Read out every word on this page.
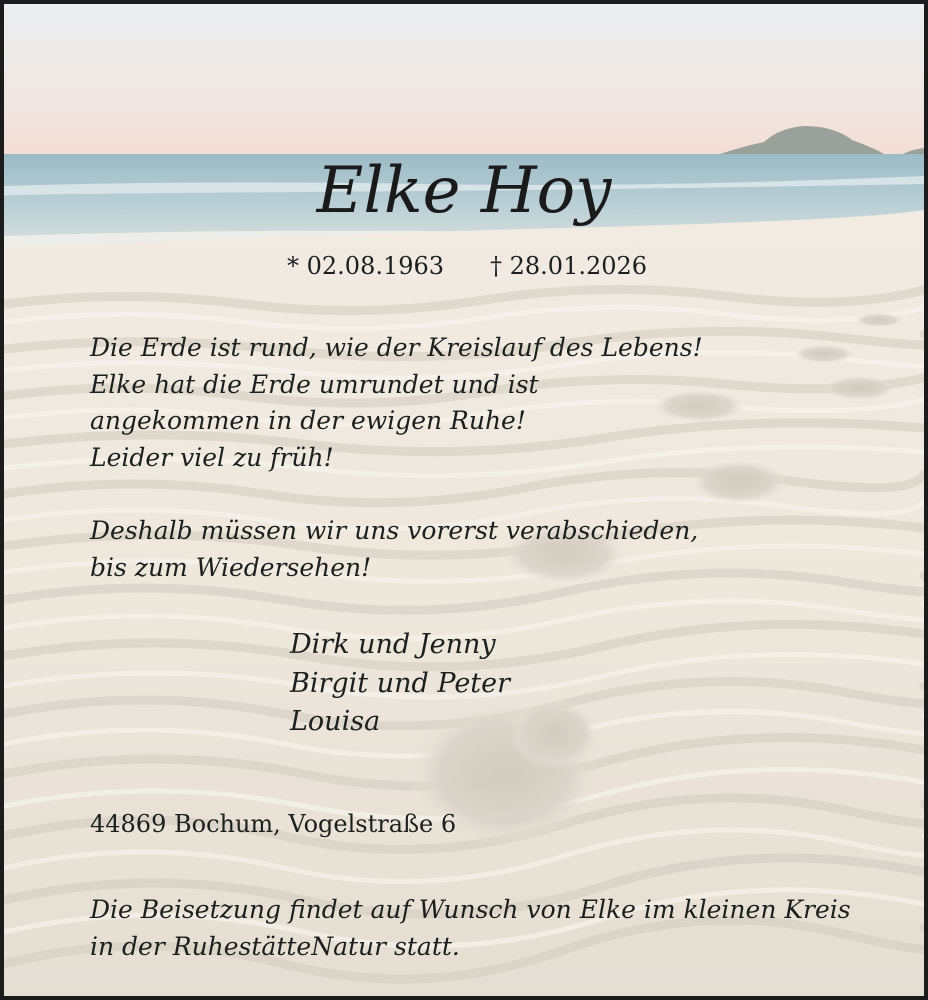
Elke Hoy
* 02.08.1963 † 28.01.2026
Die Erde ist rund, wie der Kreislauf des Lebens!
Elke hat die Erde umrundet und ist
angekommen in der ewigen Ruhe!
Leider viel zu früh!
Deshalb müssen wir uns vorerst verabschieden,
bis zum Wiedersehen!
Dirk und Jenny
Birgit und Peter
Louisa
44869 Bochum, Vogelstraße 6
Die Beisetzung findet auf Wunsch von Elke im kleinen Kreis
in der RuhestätteNatur statt.
